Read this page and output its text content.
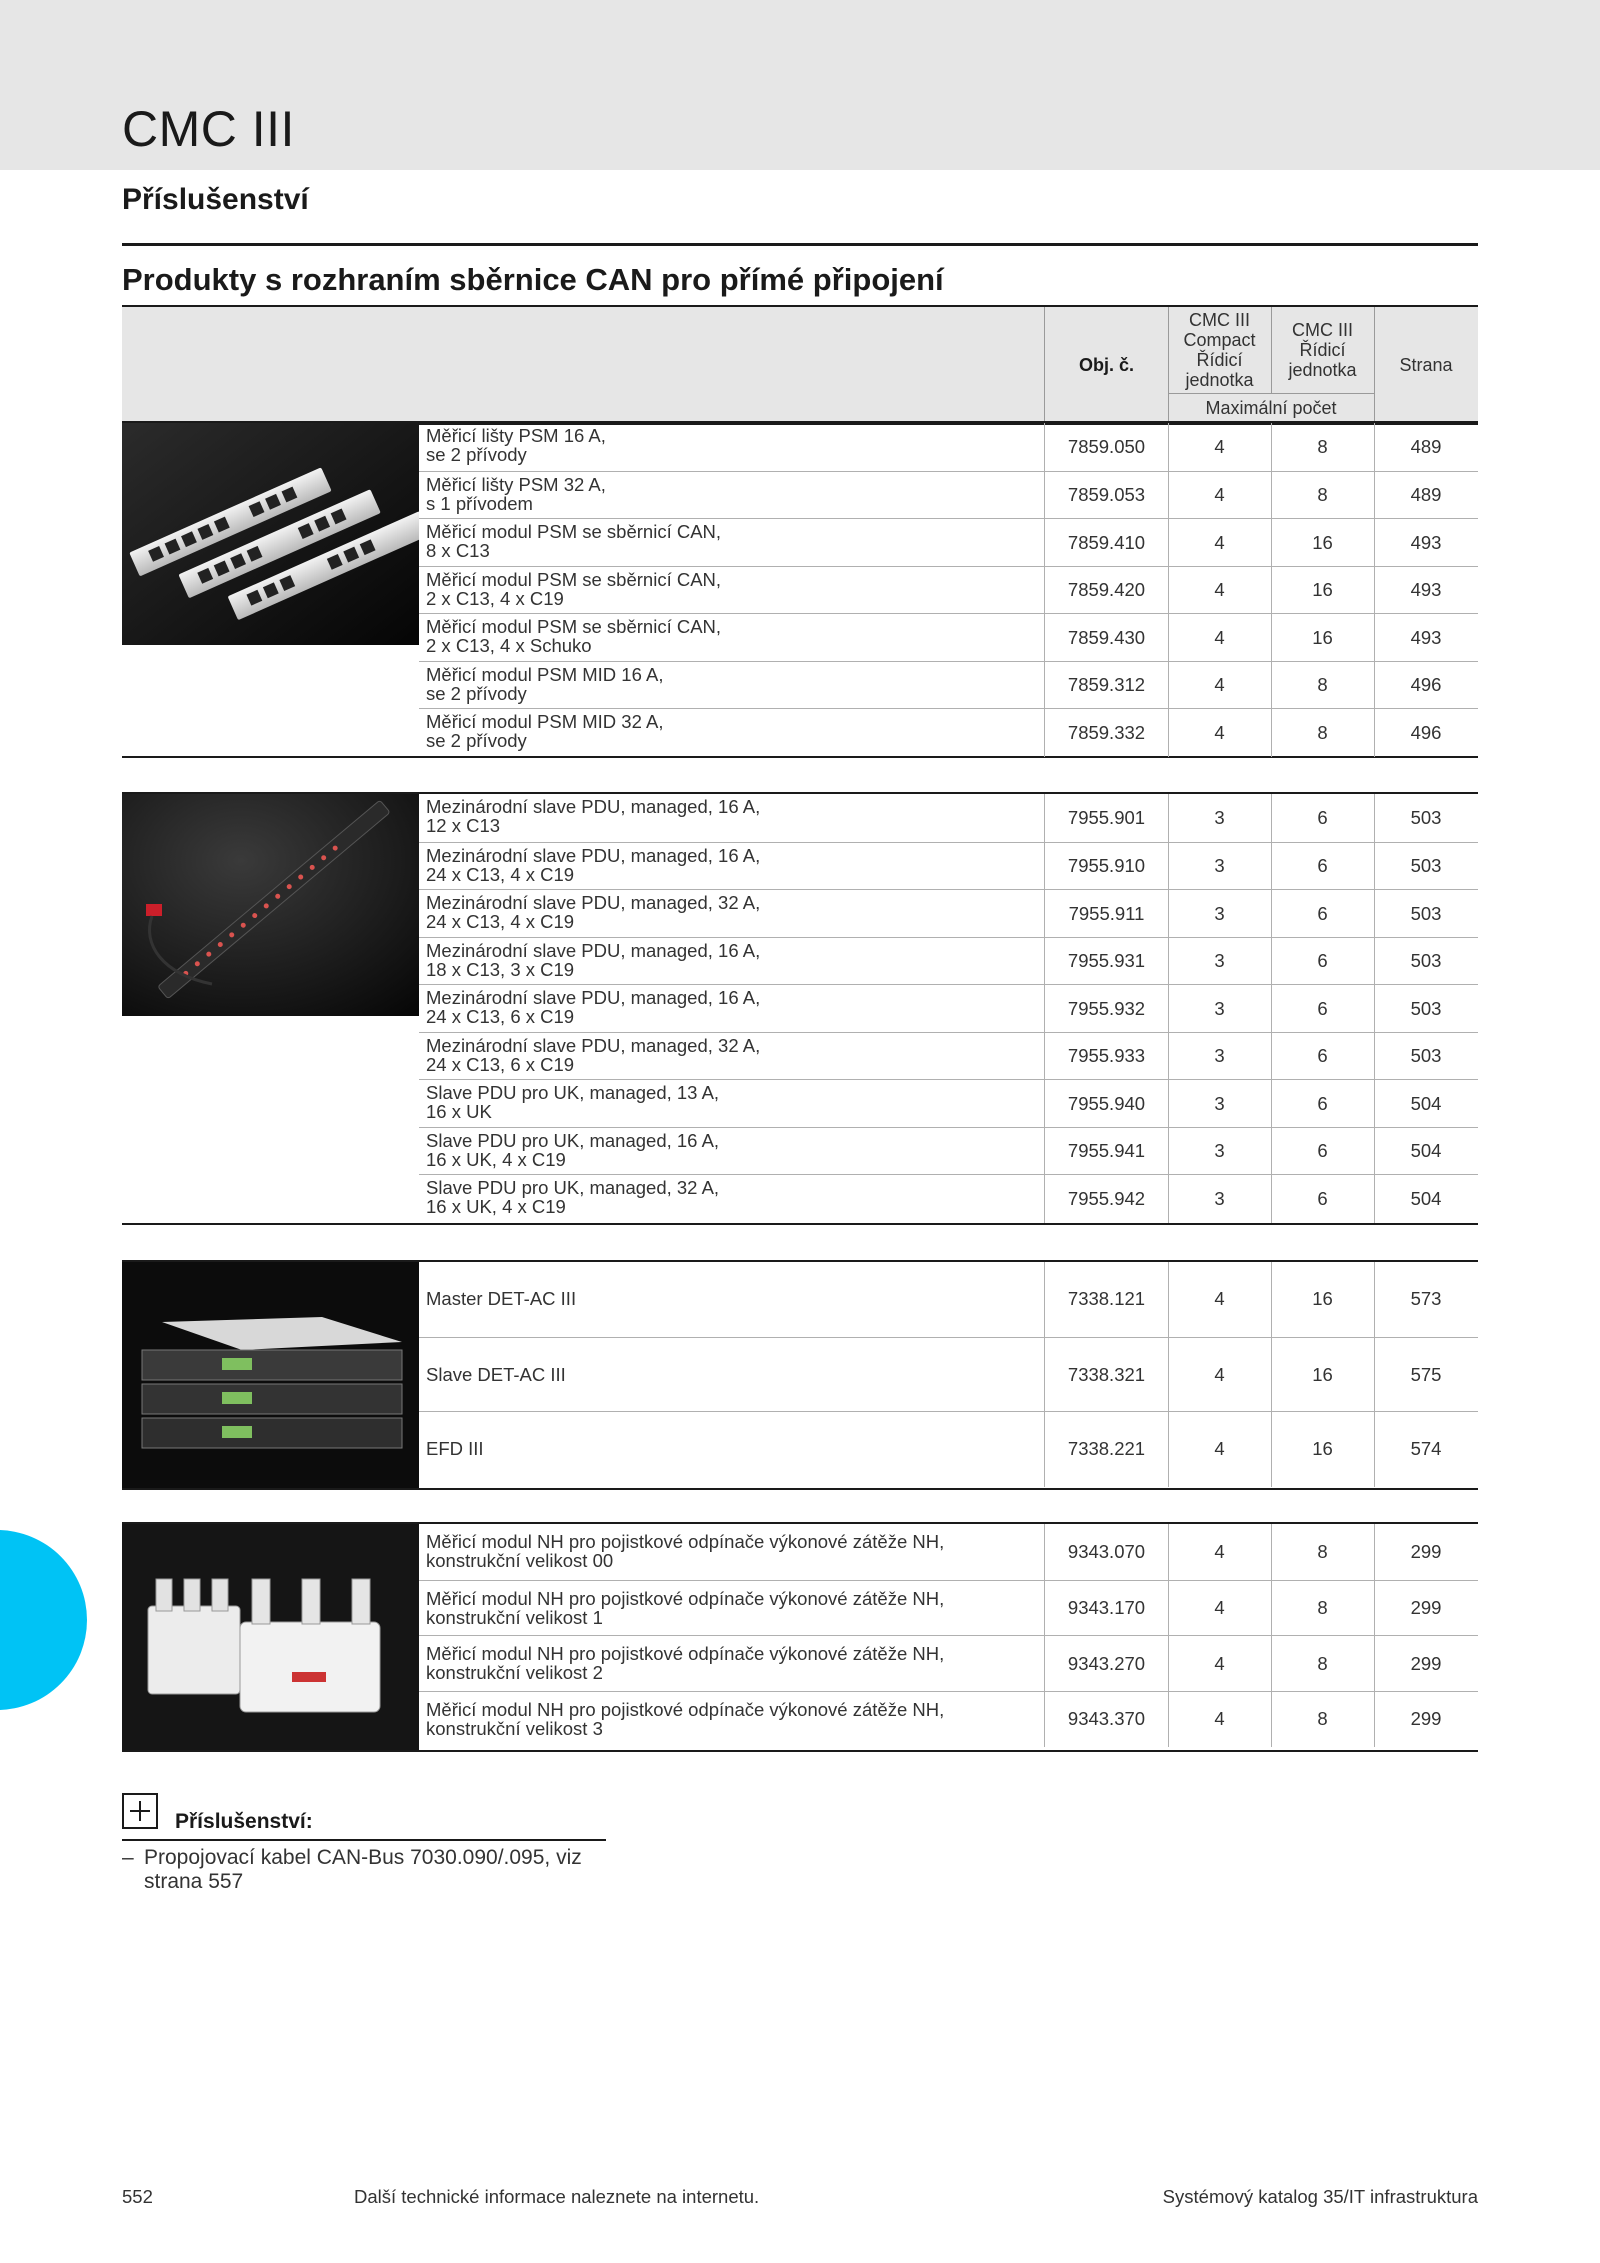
CMC III
Příslušenství
Produkty s rozhraním sběrnice CAN pro přímé připojení
Obj. č.
CMC III Compact Řídicí jednotka
CMC III Řídicí jednotka	Strana
Maximální počet
Měřicí lišty PSM 16 A,
se 2 přívody	7859.050	4	8	489
Měřicí lišty PSM 32 A,
s 1 přívodem	7859.053	4	8	489
Měřicí modul PSM se sběrnicí CAN,
8 x C13	7859.410	4	16	493
Měřicí modul PSM se sběrnicí CAN,
2 x C13, 4 x C19	7859.420	4	16	493
Měřicí modul PSM se sběrnicí CAN,
2 x C13, 4 x Schuko	7859.430	4	16	493
Měřicí modul PSM MID 16 A,
se 2 přívody	7859.312	4	8	496
Měřicí modul PSM MID 32 A,
se 2 přívody	7859.332	4	8	496
Mezinárodní slave PDU, managed, 16 A,
12 x C13	7955.901	3	6	503
Mezinárodní slave PDU, managed, 16 A,
24 x C13, 4 x C19	7955.910	3	6	503
Mezinárodní slave PDU, managed, 32 A,
24 x C13, 4 x C19	7955.911	3	6	503
Mezinárodní slave PDU, managed, 16 A,
18 x C13, 3 x C19	7955.931	3	6	503
Mezinárodní slave PDU, managed, 16 A,
24 x C13, 6 x C19	7955.932	3	6	503
Mezinárodní slave PDU, managed, 32 A,
24 x C13, 6 x C19	7955.933	3	6	503
Slave PDU pro UK, managed, 13 A,
16 x UK	7955.940	3	6	504
Slave PDU pro UK, managed, 16 A,
16 x UK, 4 x C19	7955.941	3	6	504
Slave PDU pro UK, managed, 32 A,
16 x UK, 4 x C19	7955.942	3	6	504
Master DET-AC III	7338.121	4	16	573
Slave DET-AC III	7338.321	4	16	575
EFD III	7338.221	4	16	574
Měřicí modul NH pro pojistkové odpínače výkonové zátěže NH,
konstrukční velikost 00	9343.070	4	8	299
Měřicí modul NH pro pojistkové odpínače výkonové zátěže NH,
konstrukční velikost 1	9343.170	4	8	299
Měřicí modul NH pro pojistkové odpínače výkonové zátěže NH,
konstrukční velikost 2	9343.270	4	8	299
Měřicí modul NH pro pojistkové odpínače výkonové zátěže NH,
konstrukční velikost 3	9343.370	4	8	299
Příslušenství:
– Propojovací kabel CAN-Bus 7030.090/.095, viz strana 557
552	Další technické informace naleznete na internetu.	Systémový katalog 35/IT infrastruktura
